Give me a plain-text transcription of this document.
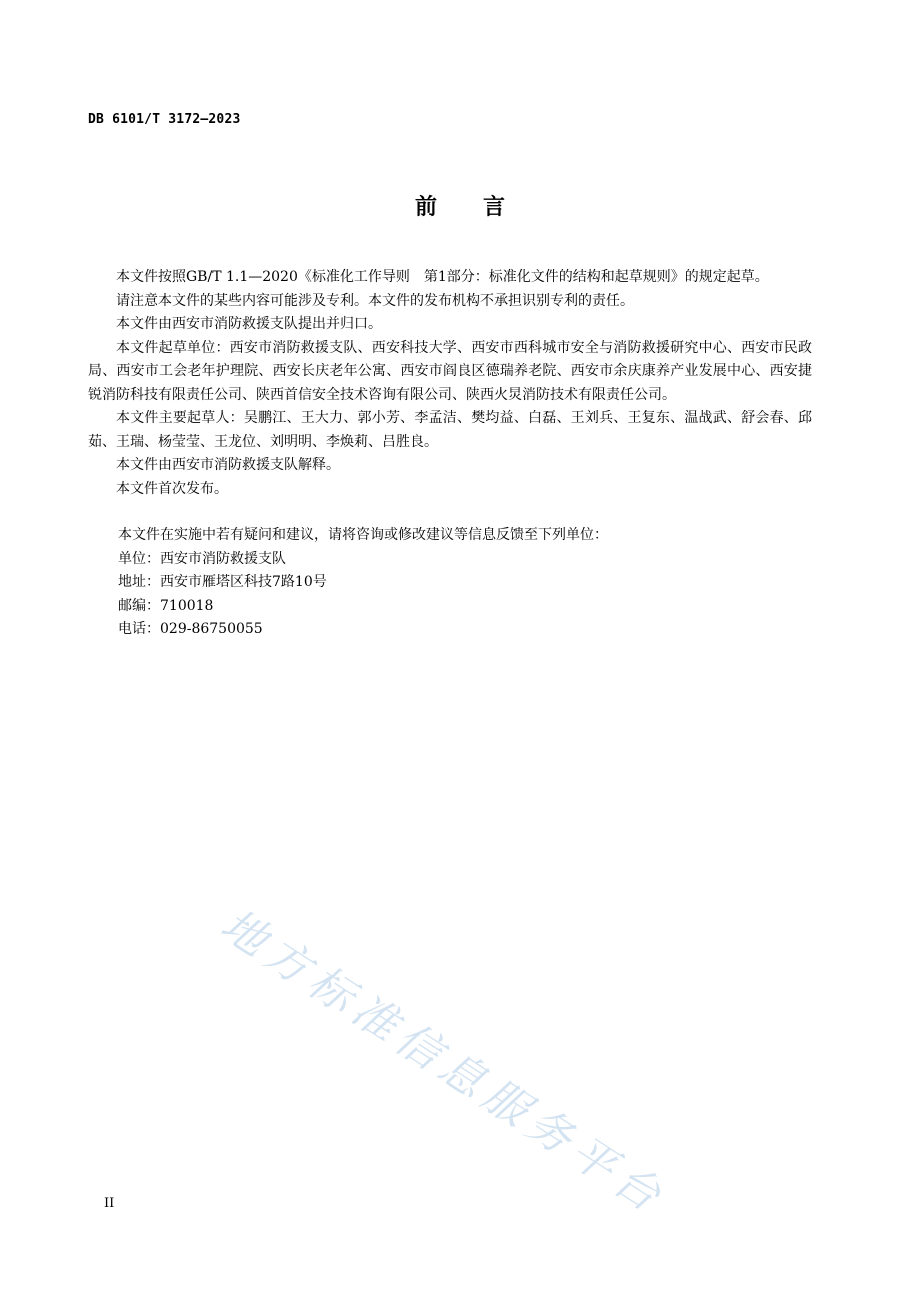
DB 6101/T 3172—2023
前 言

本文件按照GB/T 1.1—2020《标准化工作导则　第1部分：标准化文件的结构和起草规则》的规定起草。

请注意本文件的某些内容可能涉及专利。本文件的发布机构不承担识别专利的责任。

本文件由西安市消防救援支队提出并归口。

本文件起草单位：西安市消防救援支队、西安科技大学、西安市西科城市安全与消防救援研究中心、西安市民政局、西安市工会老年护理院、西安长庆老年公寓、西安市阎良区德瑞养老院、西安市余庆康养产业发展中心、西安捷锐消防科技有限责任公司、陕西首信安全技术咨询有限公司、陕西火炅消防技术有限责任公司。

本文件主要起草人：吴鹏江、王大力、郭小芳、李孟洁、樊均益、白磊、王刘兵、王复东、温战武、舒会春、邱茹、王瑞、杨莹莹、王龙位、刘明明、李焕莉、吕胜良。

本文件由西安市消防救援支队解释。

本文件首次发布。

本文件在实施中若有疑问和建议，请将咨询或修改建议等信息反馈至下列单位：

单位：西安市消防救援支队

地址：西安市雁塔区科技7路10号

邮编：710018

电话：029-86750055

地方标准信息服务平台
II
